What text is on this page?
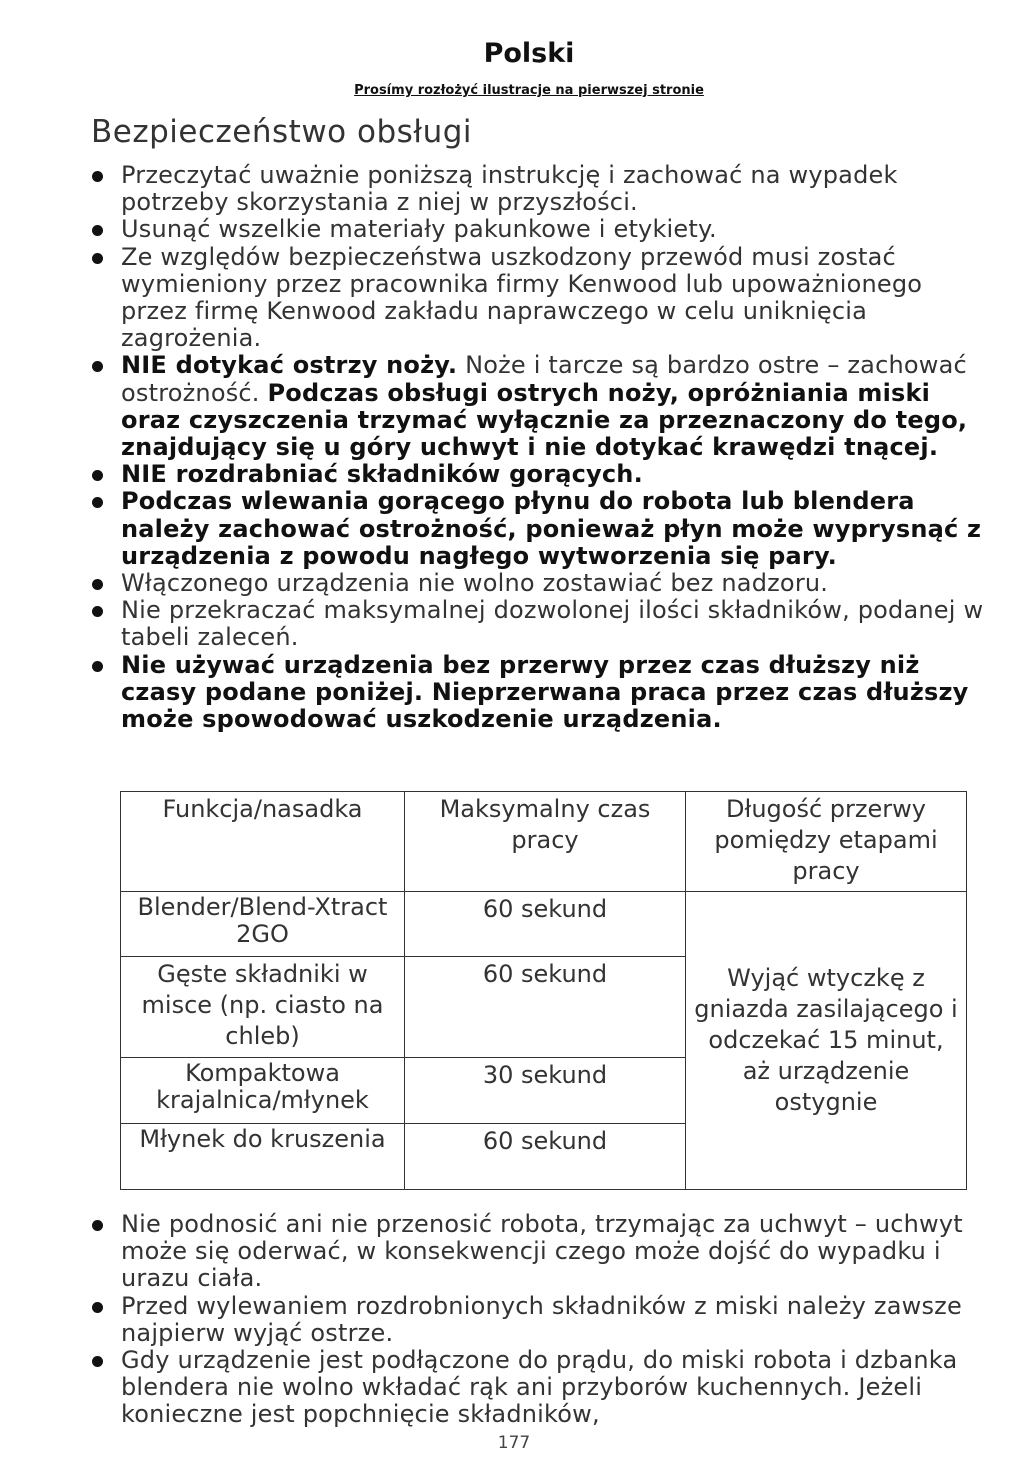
Polski

Prosímy rozłożyć ilustracje na pierwszej stronie

Bezpieczeństwo obsługi
Przeczytać uważnie poniższą instrukcję i zachować na wypadek potrzeby skorzystania z niej w przyszłości.
Usunąć wszelkie materiały pakunkowe i etykiety.
Ze względów bezpieczeństwa uszkodzony przewód musi zostać wymieniony przez pracownika firmy Kenwood lub upoważnionego przez firmę Kenwood zakładu naprawczego w celu uniknięcia zagrożenia.
NIE dotykać ostrzy noży. Noże i tarcze są bardzo ostre – zachować ostrożność. Podczas obsługi ostrych noży, opróżniania miski oraz czyszczenia trzymać wyłącznie za przeznaczony do tego, znajdujący się u góry uchwyt i nie dotykać krawędzi tnącej.
NIE rozdrabniać składników gorących.
Podczas wlewania gorącego płynu do robota lub blendera należy zachować ostrożność, ponieważ płyn może wyprysnąć z urządzenia z powodu nagłego wytworzenia się pary.
Włączonego urządzenia nie wolno zostawiać bez nadzoru.
Nie przekraczać maksymalnej dozwolonej ilości składników, podanej w tabeli zaleceń.
Nie używać urządzenia bez przerwy przez czas dłuższy niż czasy podane poniżej. Nieprzerwana praca przez czas dłuższy może spowodować uszkodzenie urządzenia.
Funkcja/nasadka	Maksymalny czas pracy	Długość przerwy pomiędzy etapami pracy
Blender/Blend-Xtract 2GO	60 sekund	Wyjąć wtyczkę z gniazda zasilającego i odczekać 15 minut, aż urządzenie ostygnie
Gęste składniki w misce (np. ciasto na chleb)	60 sekund	
Kompaktowa krajalnica/młynek	30 sekund	
Młynek do kruszenia	60 sekund	
Nie podnosić ani nie przenosić robota, trzymając za uchwyt – uchwyt może się oderwać, w konsekwencji czego może dojść do wypadku i urazu ciała.
Przed wylewaniem rozdrobnionych składników z miski należy zawsze najpierw wyjąć ostrze.
Gdy urządzenie jest podłączone do prądu, do miski robota i dzbanka blendera nie wolno wkładać rąk ani przyborów kuchennych. Jeżeli konieczne jest popchnięcie składników,

177
